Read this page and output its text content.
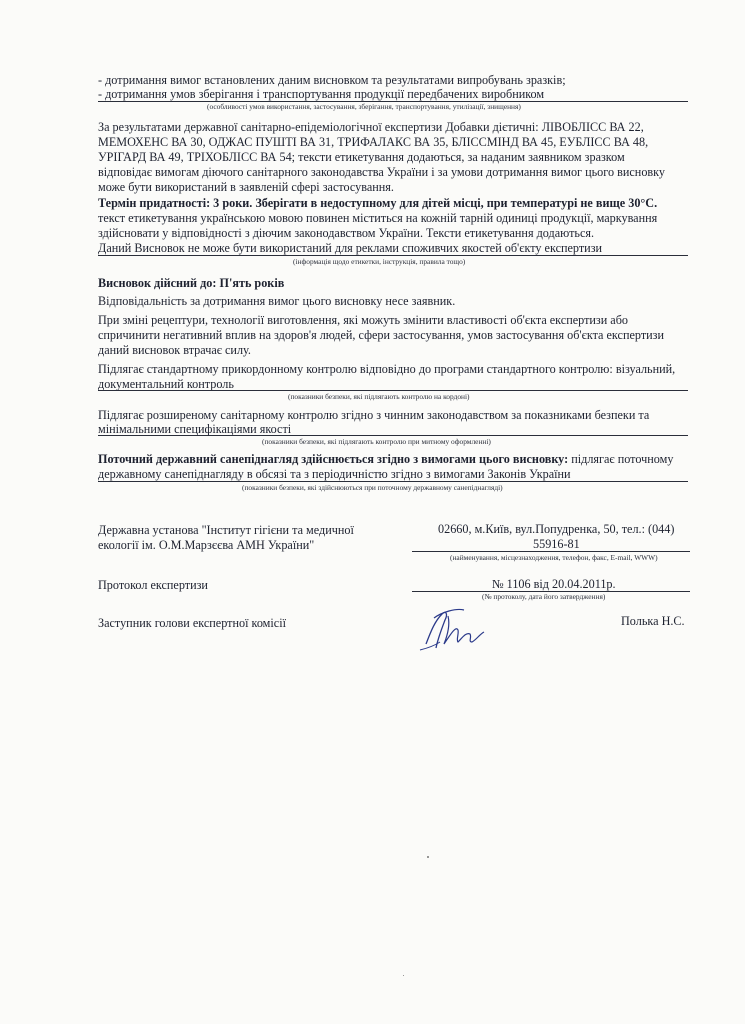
- дотримання вимог встановлених даним висновком та результатами випробувань зразків;
- дотримання умов зберігання і транспортування продукції передбачених виробником
(особливості умов використання, застосування, зберігання, транспортування, утилізації, знищення)
За результатами державної санітарно-епідеміологічної експертизи Добавки дієтичні: ЛІВОБЛІСС ВА 22,
МЕМОХЕНС ВА 30, ОДЖАС ПУШТІ ВА 31, ТРИФАЛАКС ВА 35, БЛІССМІНД ВА 45, ЕУБЛІСС ВА 48,
УРІГАРД ВА 49, ТРІХОБЛІСС ВА 54; тексти етикетування додаються, за наданим заявником зразком
відповідає вимогам діючого санітарного законодавства України і за умови дотримання вимог цього висновку
може бути використаний в заявленій сфері застосування.
Термін придатності: 3 роки. Зберігати в недоступному для дітей місці, при температурі не вище 30°С.
текст етикетування українською мовою повинен міститься на кожній тарній одиниці продукції, маркування
здійсновати у відповідності з діючим законодавством України. Тексти етикетування додаються.
Даний Висновок не може бути використаний для реклами споживчих якостей об'єкту експертизи
(інформація щодо етикетки, інструкція, правила тощо)
Висновок дійсний до: П'ять років
Відповідальність за дотримання вимог цього висновку несе заявник.
При зміні рецептури, технології виготовлення, які можуть змінити властивості об'єкта експертизи або
спричинити негативний вплив на здоров'я людей, сфери застосування, умов застосування об'єкта експертизи
даний висновок втрачає силу.
Підлягає стандартному прикордонному контролю відповідно до програми стандартного контролю: візуальний,
документальний контроль
(показники безпеки, які підлягають контролю на кордоні)
Підлягає розширеному санітарному контролю згідно з чинним законодавством за показниками безпеки та
мінімальними специфікаціями якості
(показники безпеки, які підлягають контролю при митному оформленні)
Поточний державний санепіднагляд здійснюється згідно з вимогами цього висновку: підлягає поточному
державному санепіднагляду в обсязі та з періодичністю згідно з вимогами Законів України
(показники безпеки, які здійснюються при поточному державному санепіднагляді)
Державна установа "Інститут гігієни та медичної
екології ім. О.М.Марзєєва АМН України"
02660, м.Київ, вул.Попудренка, 50, тел.: (044)
55916-81
(найменування, місцезнаходження, телефон, факс, E-mail, WWW)
Протокол експертизи	№ 1106 від 20.04.2011р.
(№ протоколу, дата його затвердження)
Заступник голови експертної комісії	Полька Н.С.
